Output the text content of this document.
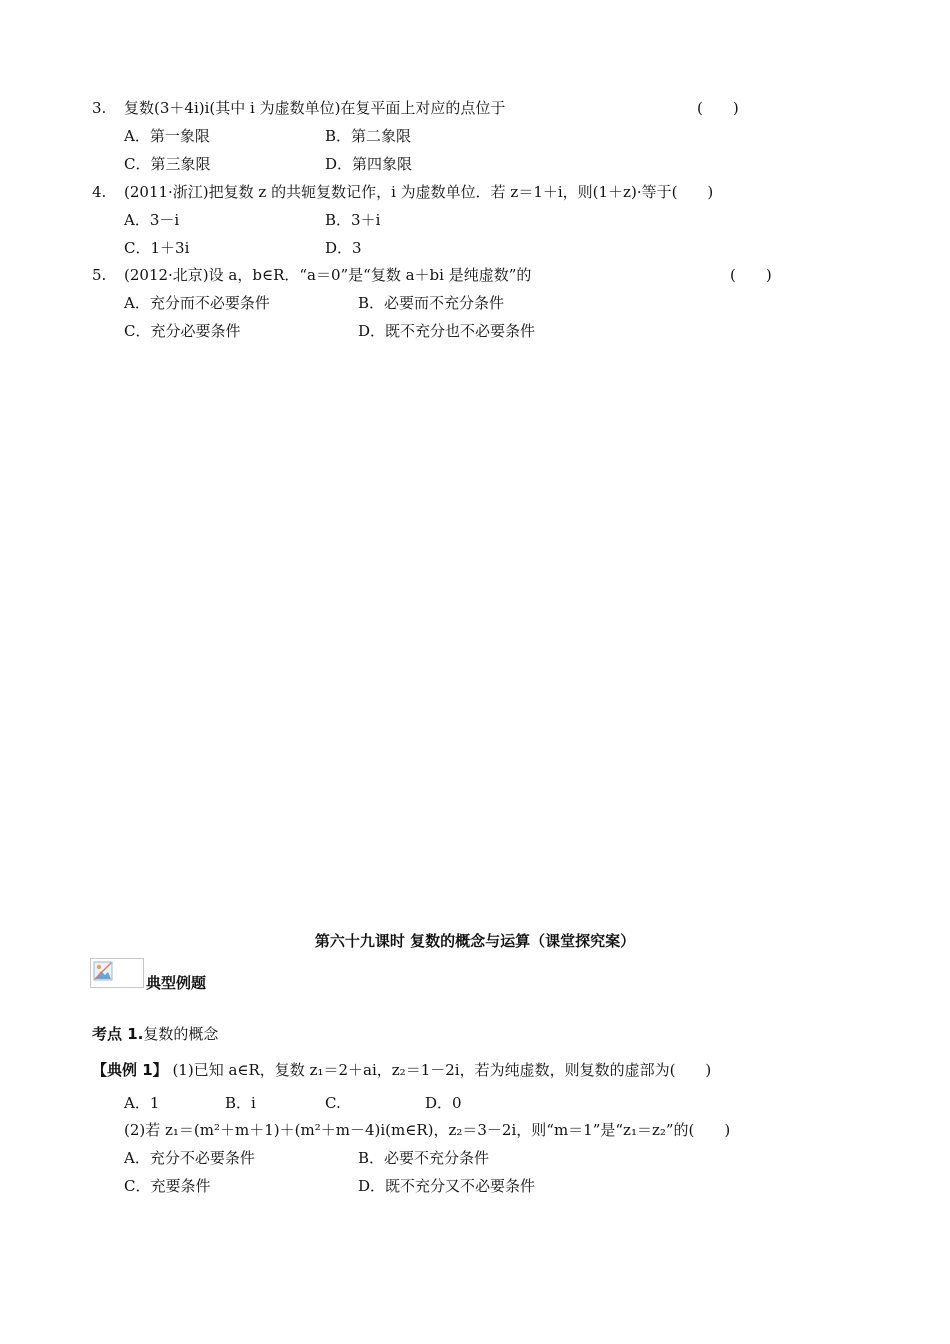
3. 复数(3＋4i)i(其中 i 为虚数单位)在复平面上对应的点位于	(　　)
A．第一象限	B．第二象限
C．第三象限	D．第四象限
4. (2011·浙江)把复数 z 的共轭复数记作，i 为虚数单位．若 z＝1＋i，则(1＋z)·等于(　　)
A．3－i	B．3＋i
C．1＋3i	D．3
5. (2012·北京)设 a，b∈R．“a＝0”是“复数 a＋bi 是纯虚数”的	(　　)
A．充分而不必要条件	B．必要而不充分条件
C．充分必要条件	D．既不充分也不必要条件
第六十九课时 复数的概念与运算（课堂探究案）
典型例题
考点 1.复数的概念
【典例 1】 (1)已知 a∈R，复数 z₁＝2＋ai，z₂＝1－2i，若为纯虚数，则复数的虚部为(　　)
A．1	B．i	C.	D．0
(2)若 z₁＝(m²＋m＋1)＋(m²＋m－4)i(m∈R)，z₂＝3－2i，则“m＝1”是“z₁＝z₂”的(　　)
A．充分不必要条件	B．必要不充分条件
C．充要条件	D．既不充分又不必要条件
